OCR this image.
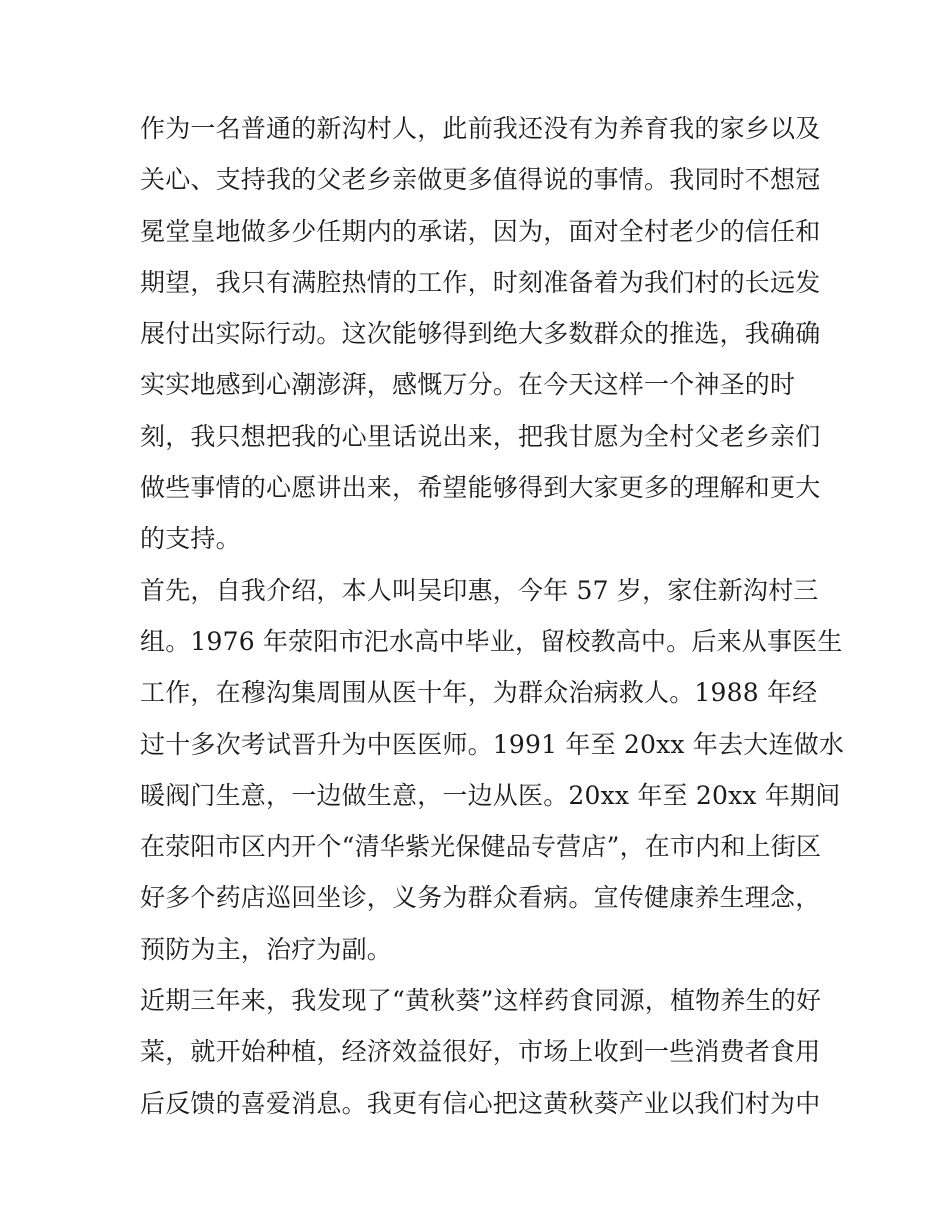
作为一名普通的新沟村人，此前我还没有为养育我的家乡以及
关心、支持我的父老乡亲做更多值得说的事情。我同时不想冠
冕堂皇地做多少任期内的承诺，因为，面对全村老少的信任和
期望，我只有满腔热情的工作，时刻准备着为我们村的长远发
展付出实际行动。这次能够得到绝大多数群众的推选，我确确
实实地感到心潮澎湃，感慨万分。在今天这样一个神圣的时
刻，我只想把我的心里话说出来，把我甘愿为全村父老乡亲们
做些事情的心愿讲出来，希望能够得到大家更多的理解和更大
的支持。
首先，自我介绍，本人叫吴印惠，今年 57 岁，家住新沟村三
组。1976 年荥阳市汜水高中毕业，留校教高中。后来从事医生
工作，在穆沟集周围从医十年，为群众治病救人。1988 年经
过十多次考试晋升为中医医师。1991 年至 20xx 年去大连做水
暖阀门生意，一边做生意，一边从医。20xx 年至 20xx 年期间
在荥阳市区内开个“清华紫光保健品专营店”，在市内和上街区
好多个药店巡回坐诊，义务为群众看病。宣传健康养生理念，
预防为主，治疗为副。
近期三年来，我发现了“黄秋葵”这样药食同源，植物养生的好
菜，就开始种植，经济效益很好，市场上收到一些消费者食用
后反馈的喜爱消息。我更有信心把这黄秋葵产业以我们村为中
